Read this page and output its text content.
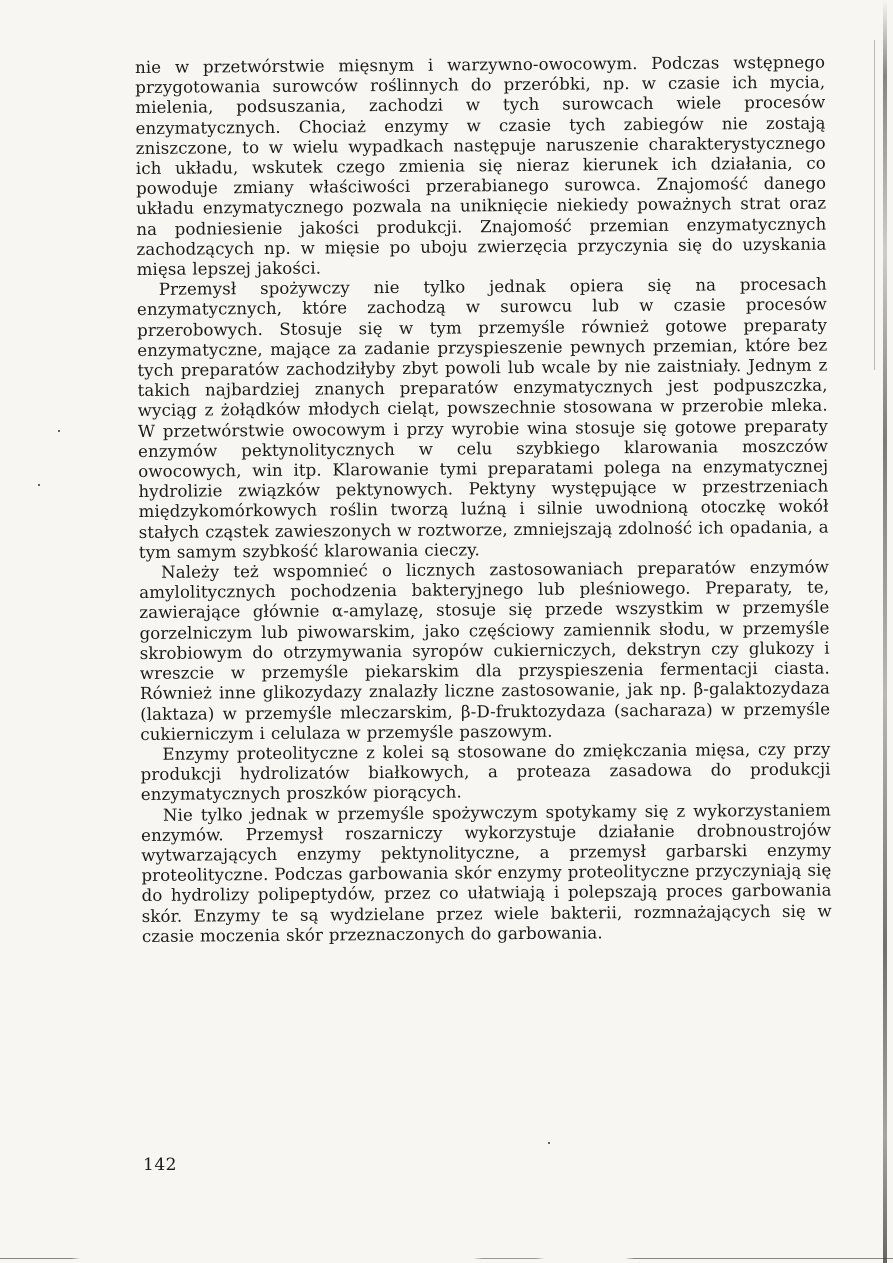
nie w przetwórstwie mięsnym i warzywno-owocowym. Podczas wstępnego przygotowania surowców roślinnych do przeróbki, np. w czasie ich mycia, mielenia, podsuszania, zachodzi w tych surowcach wiele procesów enzymatycznych. Chociaż enzymy w czasie tych zabiegów nie zostają zniszczone, to w wielu wypadkach następuje naruszenie charakterystycznego ich układu, wskutek czego zmienia się nieraz kierunek ich działania, co powoduje zmiany właściwości przerabianego surowca. Znajomość danego układu enzymatycznego pozwala na uniknięcie niekiedy poważnych strat oraz na podniesienie jakości produkcji. Znajomość przemian enzymatycznych zachodzących np. w mięsie po uboju zwierzęcia przyczynia się do uzyskania mięsa lepszej jakości.

Przemysł spożywczy nie tylko jednak opiera się na procesach enzymatycznych, które zachodzą w surowcu lub w czasie procesów przerobowych. Stosuje się w tym przemyśle również gotowe preparaty enzymatyczne, mające za zadanie przyspieszenie pewnych przemian, które bez tych preparatów zachodziłyby zbyt powoli lub wcale by nie zaistniały. Jednym z takich najbardziej znanych preparatów enzymatycznych jest podpuszczka, wyciąg z żołądków młodych cieląt, powszechnie stosowana w przerobie mleka. W przetwórstwie owocowym i przy wyrobie wina stosuje się gotowe preparaty enzymów pektynolitycznych w celu szybkiego klarowania moszczów owocowych, win itp. Klarowanie tymi preparatami polega na enzymatycznej hydrolizie związków pektynowych. Pektyny występujące w przestrzeniach międzykomórkowych roślin tworzą luźną i silnie uwodnioną otoczkę wokół stałych cząstek zawieszonych w roztworze, zmniejszają zdolność ich opadania, a tym samym szybkość klarowania cieczy.

Należy też wspomnieć o licznych zastosowaniach preparatów enzymów amylolitycznych pochodzenia bakteryjnego lub pleśniowego. Preparaty, te, zawierające głównie α-amylazę, stosuje się przede wszystkim w przemyśle gorzelniczym lub piwowarskim, jako częściowy zamiennik słodu, w przemyśle skrobiowym do otrzymywania syropów cukierniczych, dekstryn czy glukozy i wreszcie w przemyśle piekarskim dla przyspieszenia fermentacji ciasta. Również inne glikozydazy znalazły liczne zastosowanie, jak np. β-galaktozydaza (laktaza) w przemyśle mleczarskim, β-D-fruktozydaza (sacharaza) w przemyśle cukierniczym i celulaza w przemyśle paszowym.

Enzymy proteolityczne z kolei są stosowane do zmiękczania mięsa, czy przy produkcji hydrolizatów białkowych, a proteaza zasadowa do produkcji enzymatycznych proszków piorących.

Nie tylko jednak w przemyśle spożywczym spotykamy się z wykorzystaniem enzymów. Przemysł roszarniczy wykorzystuje działanie drobnoustrojów wytwarzających enzymy pektynolityczne, a przemysł garbarski enzymy proteolityczne. Podczas garbowania skór enzymy proteolityczne przyczyniają się do hydrolizy polipeptydów, przez co ułatwiają i polepszają proces garbowania skór. Enzymy te są wydzielane przez wiele bakterii, rozmnażających się w czasie moczenia skór przeznaczonych do garbowania.

142
